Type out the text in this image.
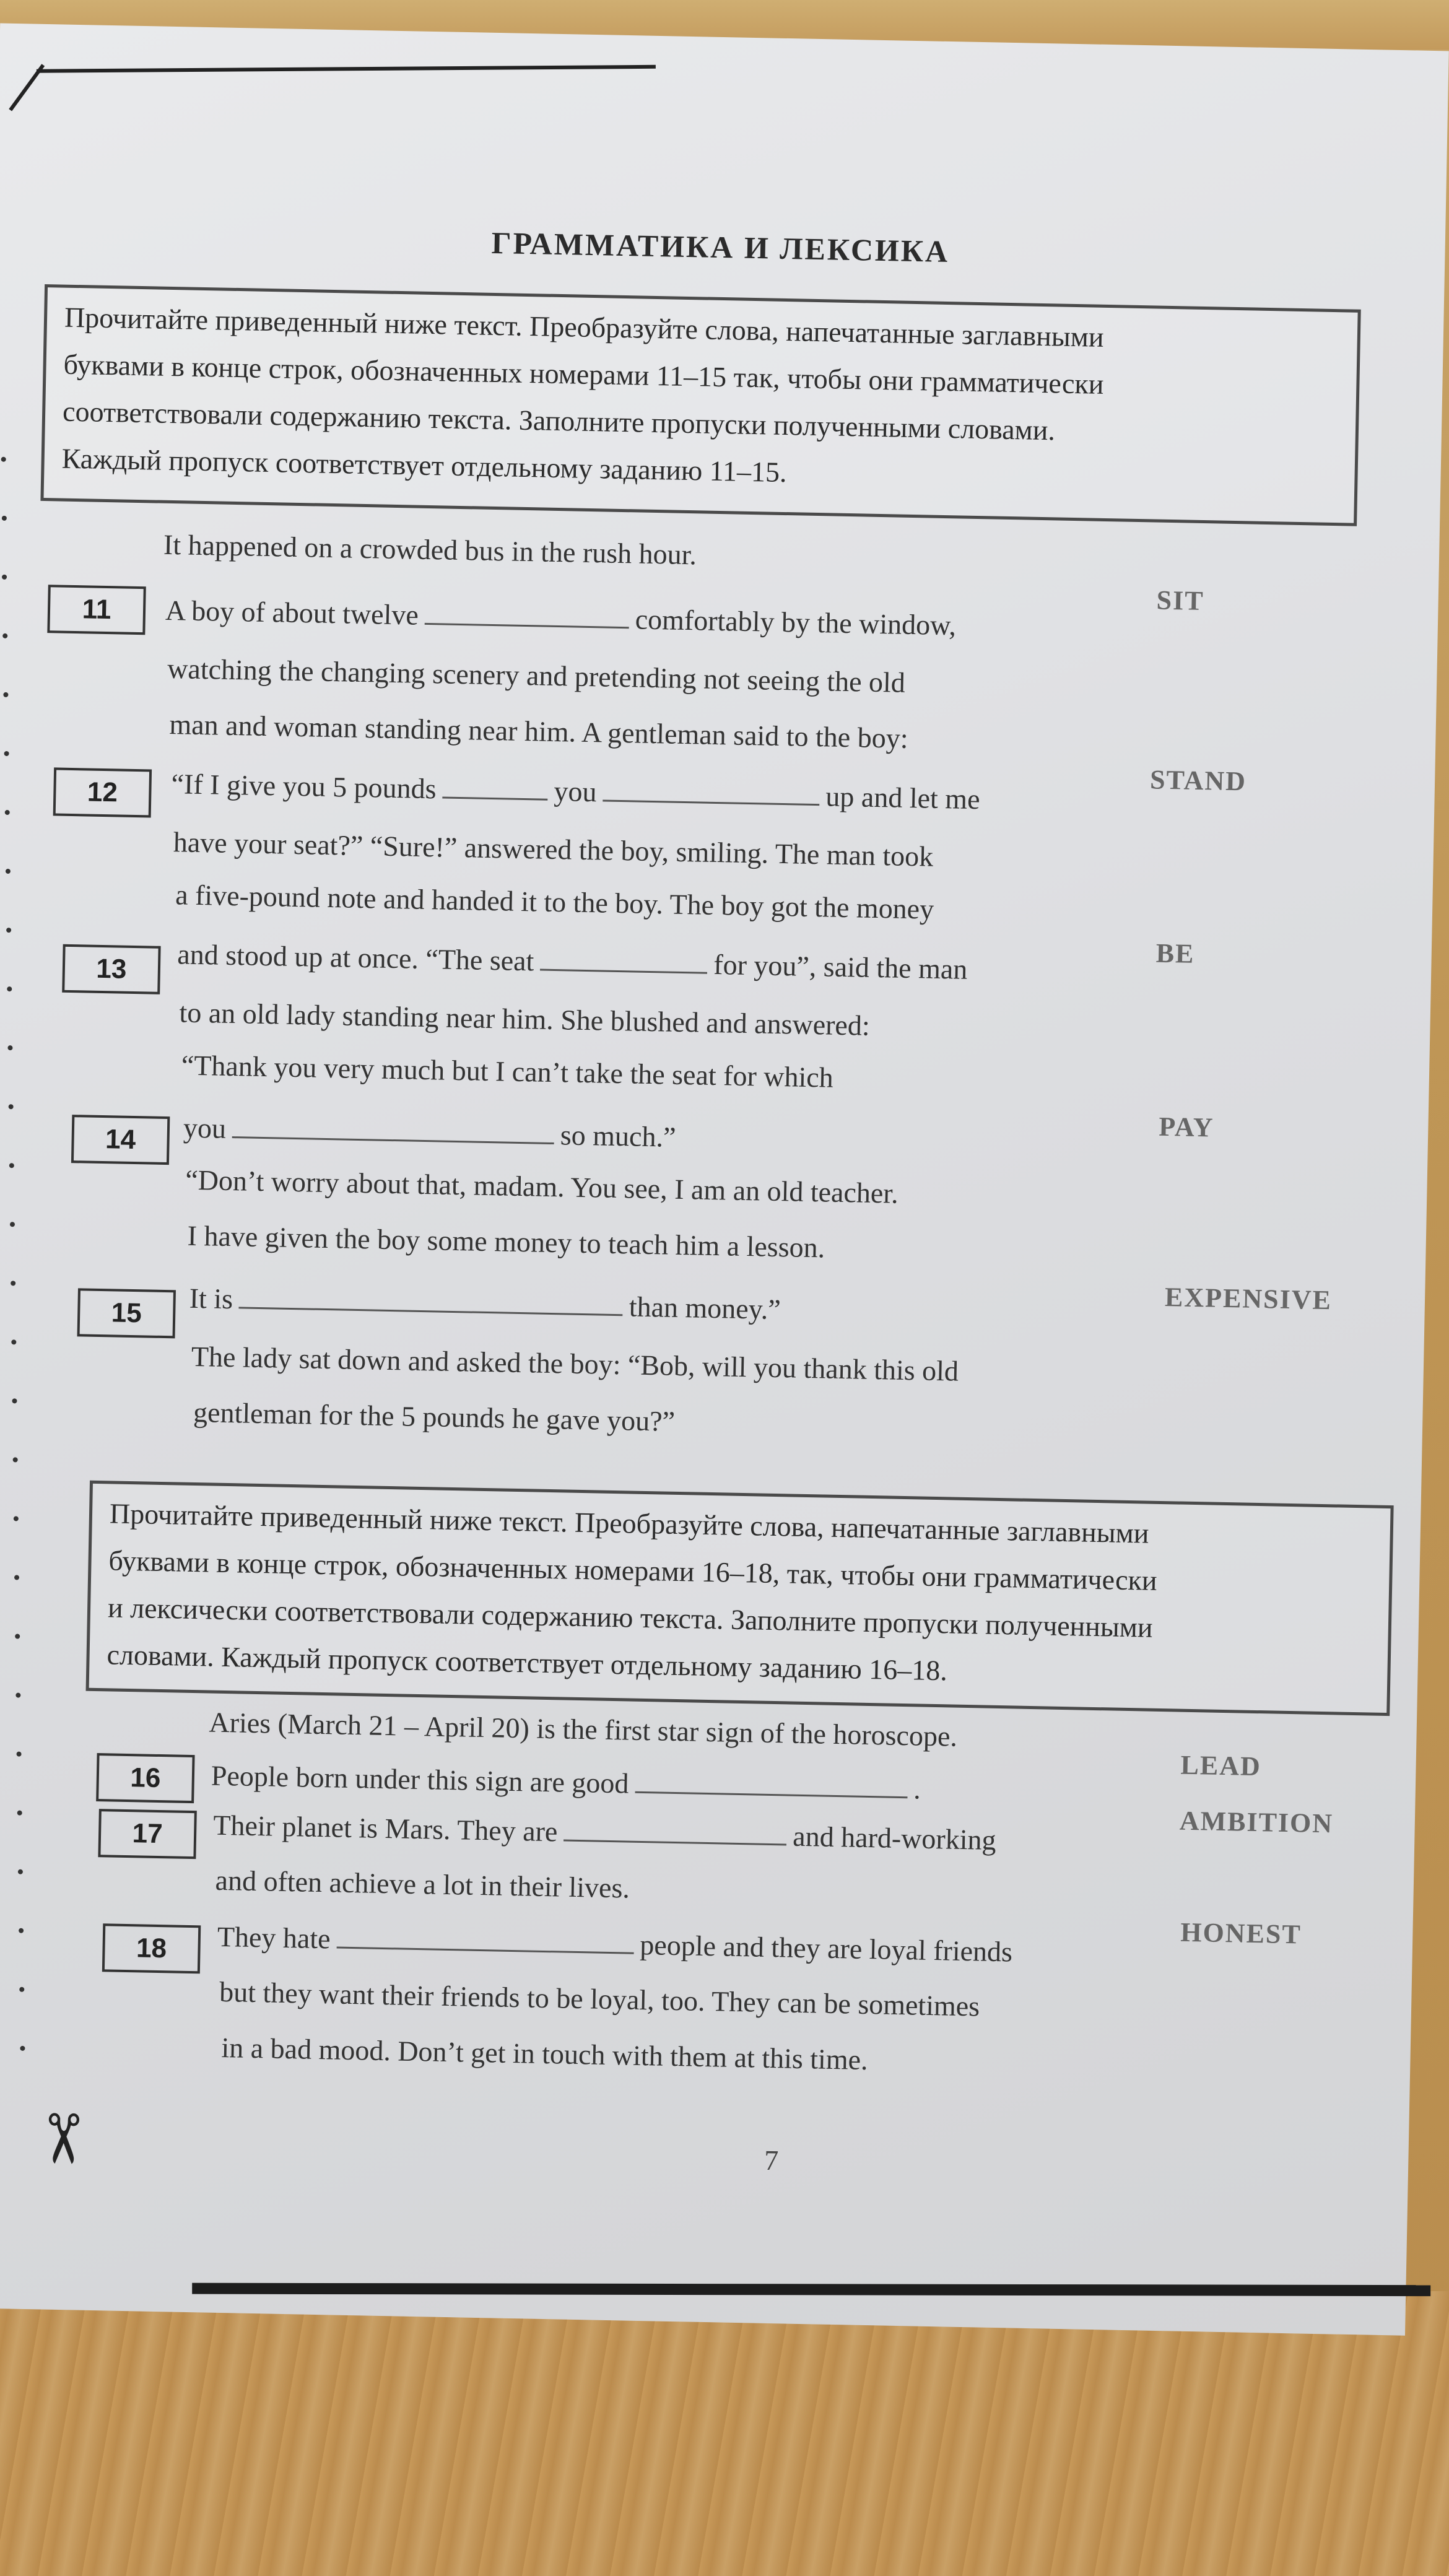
ГРАММАТИКА И ЛЕКСИКА

Прочитайте приведенный ниже текст. Преобразуйте слова, напечатанные заглавными

буквами в конце строк, обозначенных номерами 11–15 так, чтобы они грамматически

соответствовали содержанию текста. Заполните пропуски полученными словами.

Каждый пропуск соответствует отдельному заданию 11–15.

It happened on a crowded bus in the rush hour.
11	A boy of about twelve	comfortably by the window,
SIT
watching the changing scenery and pretending not seeing the old
man and woman standing near him. A gentleman said to the boy:
12	“If I give you 5 pounds	you	up and let me	STAND
have your seat?” “Sure!” answered the boy, smiling. The man took
a five-pound note and handed it to the boy. The boy got the money
13	and stood up at once. “The seat	for you”, said the man	BE
to an old lady standing near him. She blushed and answered:
“Thank you very much but I can’t take the seat for which
14	you	so much.”	PAY
“Don’t worry about that, madam. You see, I am an old teacher.
I have given the boy some money to teach him a lesson.
15	It is	than money.”	EXPENSIVE
The lady sat down and asked the boy: “Bob, will you thank this old
gentleman for the 5 pounds he gave you?”

Прочитайте приведенный ниже текст. Преобразуйте слова, напечатанные заглавными

буквами в конце строк, обозначенных номерами 16–18, так, чтобы они грамматически

и лексически соответствовали содержанию текста. Заполните пропуски полученными

словами. Каждый пропуск соответствует отдельному заданию 16–18.

Aries (March 21 – April 20) is the first star sign of the horoscope.
16	People born under this sign are good	.
LEAD
17	Their planet is Mars. They are	and hard-working	AMBITION
and often achieve a lot in their lives.
18	They hate	people and they are loyal friends	HONEST
but they want their friends to be loyal, too. They can be sometimes
in a bad mood. Don’t get in touch with them at this time.
✂	7
